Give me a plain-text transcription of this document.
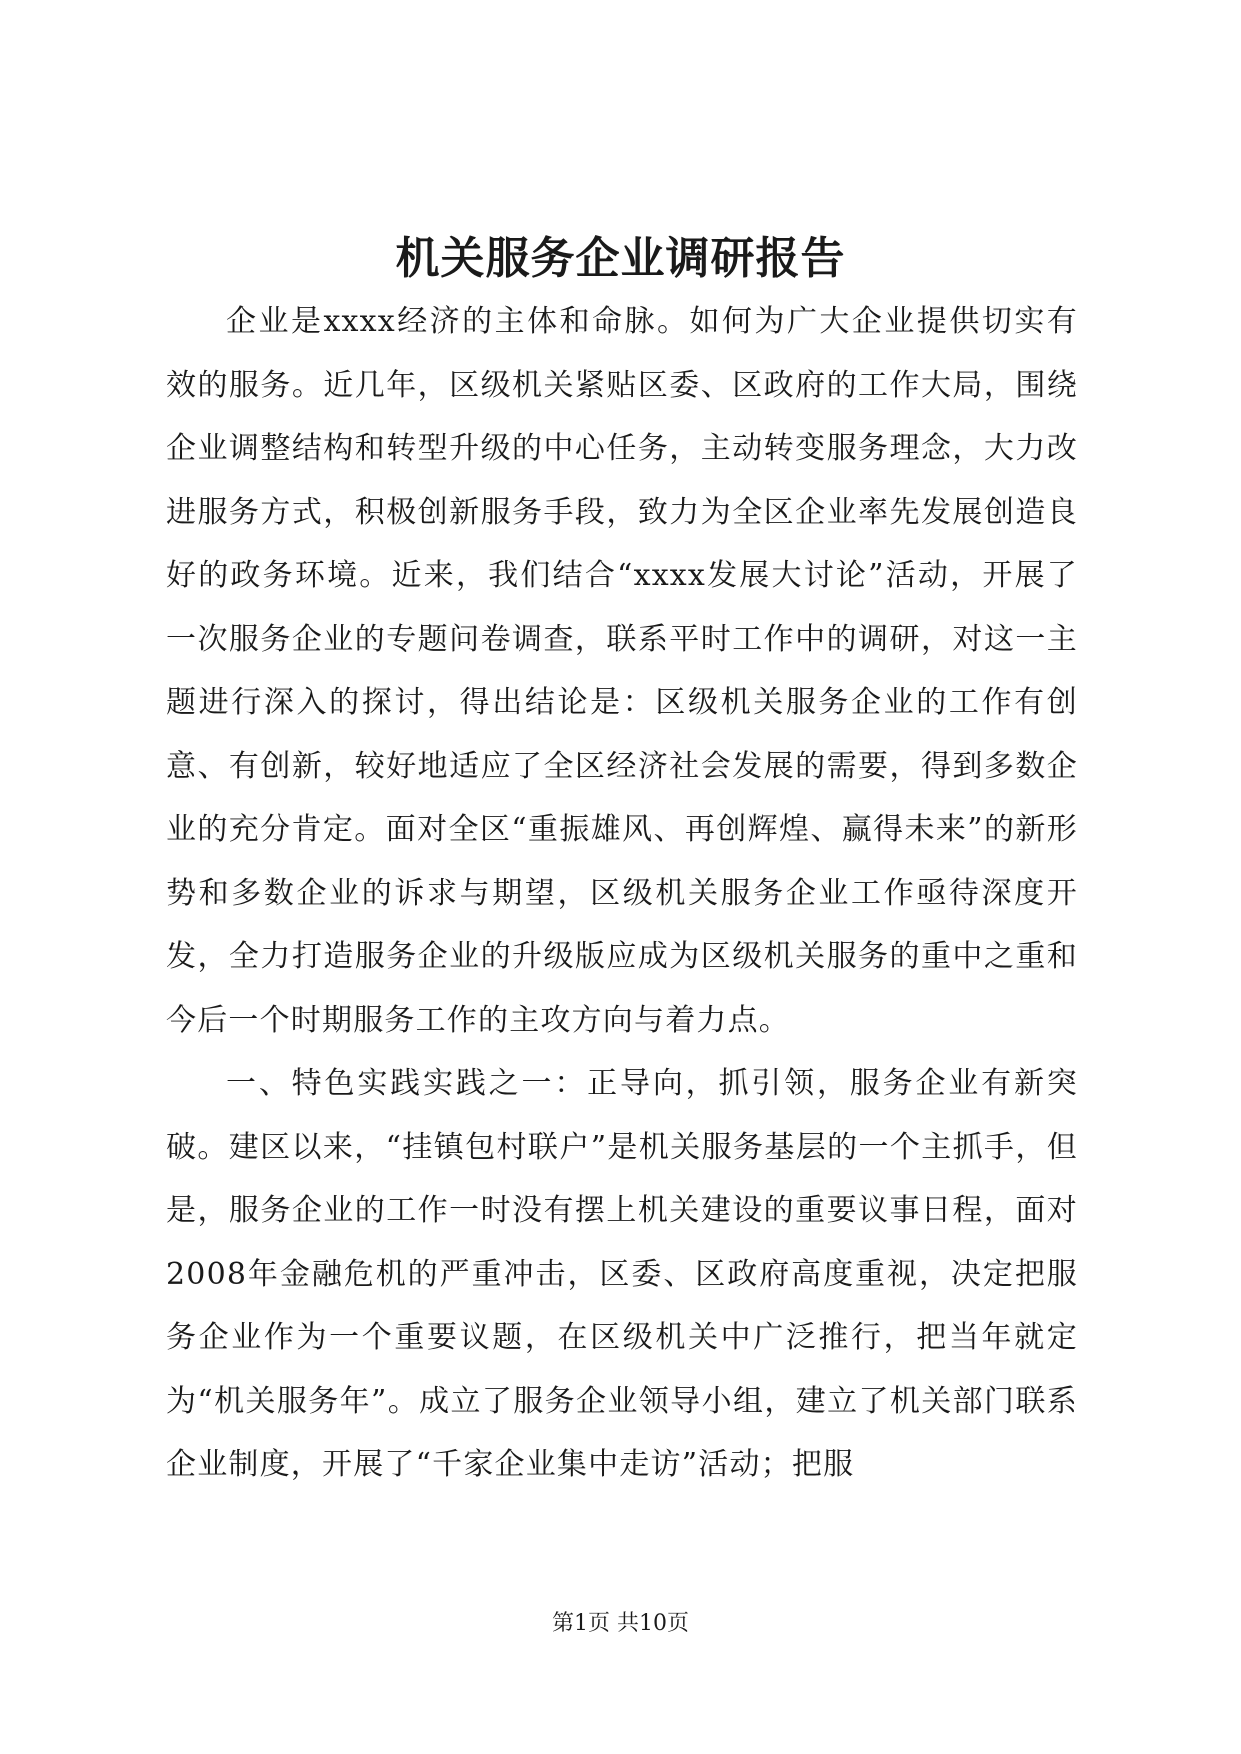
机关服务企业调研报告

企业是xxxx经济的主体和命脉。如何为广大企业提供切实有效的服务。近几年，区级机关紧贴区委、区政府的工作大局，围绕企业调整结构和转型升级的中心任务，主动转变服务理念，大力改进服务方式，积极创新服务手段，致力为全区企业率先发展创造良好的政务环境。近来，我们结合“xxxx发展大讨论”活动，开展了一次服务企业的专题问卷调查，联系平时工作中的调研，对这一主题进行深入的探讨，得出结论是：区级机关服务企业的工作有创意、有创新，较好地适应了全区经济社会发展的需要，得到多数企业的充分肯定。面对全区“重振雄风、再创辉煌、赢得未来”的新形势和多数企业的诉求与期望，区级机关服务企业工作亟待深度开发，全力打造服务企业的升级版应成为区级机关服务的重中之重和今后一个时期服务工作的主攻方向与着力点。

一、特色实践实践之一：正导向，抓引领，服务企业有新突破。建区以来，“挂镇包村联户”是机关服务基层的一个主抓手，但是，服务企业的工作一时没有摆上机关建设的重要议事日程，面对2008年金融危机的严重冲击，区委、区政府高度重视，决定把服务企业作为一个重要议题，在区级机关中广泛推行，把当年就定为“机关服务年”。成立了服务企业领导小组，建立了机关部门联系企业制度，开展了“千家企业集中走访”活动；把服

第1页 共10页
